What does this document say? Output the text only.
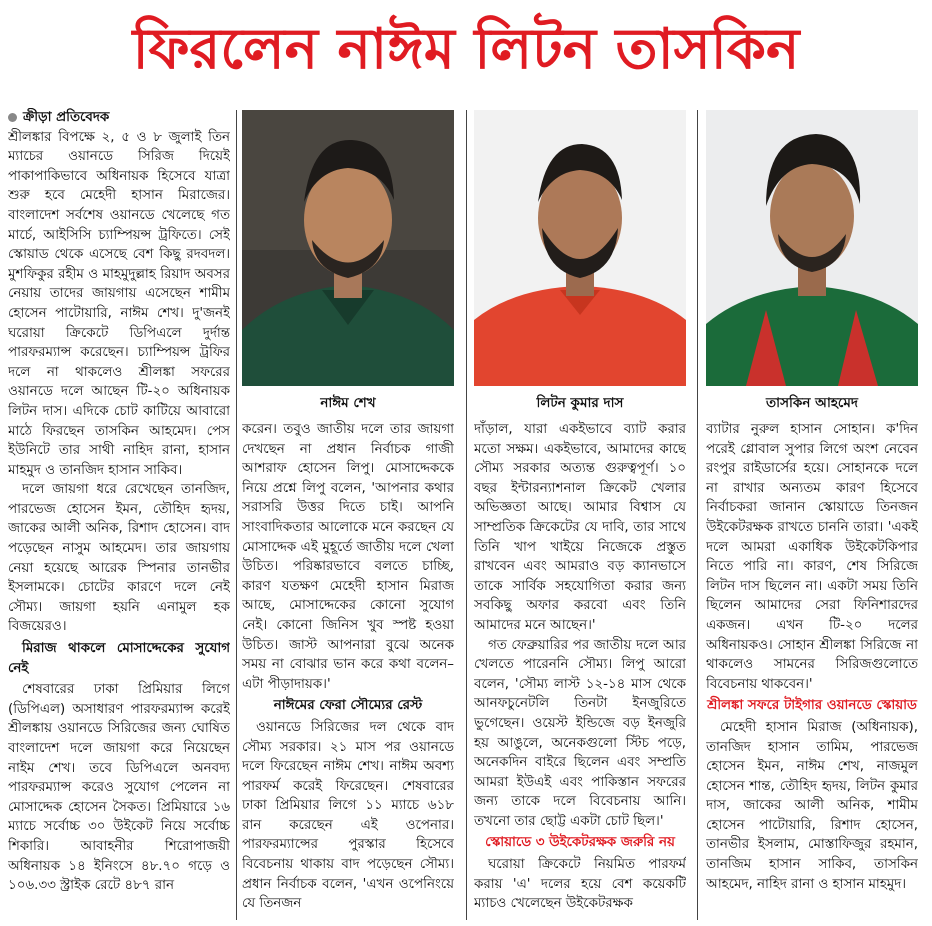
ফিরলেন নাঈম লিটন তাসকিন
ক্রীড়া প্রতিবেদক

শ্রীলঙ্কার বিপক্ষে ২, ৫ ও ৮ জুলাই তিন ম্যাচের ওয়ানডে সিরিজ দিয়েই পাকাপাকিভাবে অধিনায়ক হিসেবে যাত্রা শুরু হবে মেহেদী হাসান মিরাজের। বাংলাদেশ সর্বশেষ ওয়ানডে খেলেছে গত মার্চে, আইসিসি চ্যাম্পিয়ন্স ট্রফিতে। সেই স্কোয়াড থেকে এসেছে বেশ কিছু রদবদল। মুশফিকুর রহীম ও মাহমুদুল্লাহ রিয়াদ অবসর নেয়ায় তাদের জায়গায় এসেছেন শামীম হোসেন পাটোয়ারি, নাঈম শেখ। দু'জনই ঘরোয়া ক্রিকেটে ডিপিএলে দুর্দান্ত পারফরম্যান্স করেছেন। চ্যাম্পিয়ন্স ট্রফির দলে না থাকলেও শ্রীলঙ্কা সফরের ওয়ানডে দলে আছেন টি-২০ অধিনায়ক লিটন দাস। এদিকে চোট কাটিয়ে আবারো মাঠে ফিরছেন তাসকিন আহমেদ। পেস ইউনিটে তার সাথী নাহিদ রানা, হাসান মাহমুদ ও তানজিদ হাসান সাকিব।

দলে জায়গা ধরে রেখেছেন তানজিদ, পারভেজ হোসেন ইমন, তৌহিদ হৃদয়, জাকের আলী অনিক, রিশাদ হোসেন। বাদ পড়েছেন নাসুম আহমেদ। তার জায়গায় নেয়া হয়েছে আরেক স্পিনার তানভীর ইসলামকে। চোটের কারণে দলে নেই সৌম্য। জায়গা হয়নি এনামুল হক বিজয়েরও।

মিরাজ থাকলে মোসাদ্দেকের সুযোগ নেই

শেষবারের ঢাকা প্রিমিয়ার লিগে (ডিপিএল) অসাধারণ পারফরম্যান্স করেই শ্রীলঙ্কায় ওয়ানডে সিরিজের জন্য ঘোষিত বাংলাদেশ দলে জায়গা করে নিয়েছেন নাইম শেখ। তবে ডিপিএলে অনবদ্য পারফরম্যান্স করেও সুযোগ পেলেন না মোসাদ্দেক হোসেন সৈকত। প্রিমিয়ারে ১৬ ম্যাচে সর্বোচ্চ ৩০ উইকেট নিয়ে সর্বোচ্চ শিকারি। আবাহনীর শিরোপাজয়ী অধিনায়ক ১৪ ইনিংসে ৪৮.৭০ গড়ে ও ১০৬.৩৩ স্ট্রাইক রেটে ৪৮৭ রান

নাঈম শেখ	লিটন কুমার দাস	তাসকিন আহমেদ

করেন। তবুও জাতীয় দলে তার জায়গা দেখছেন না প্রধান নির্বাচক গাজী আশরাফ হোসেন লিপু। মোসাদ্দেককে নিয়ে প্রশ্নে লিপু বলেন, 'আপনার কথার সরাসরি উত্তর দিতে চাই। আপনি সাংবাদিকতার আলোকে মনে করছেন যে মোসাদ্দেক এই মুহূর্তে জাতীয় দলে খেলা উচিত। পরিষ্কারভাবে বলতে চাচ্ছি, কারণ যতক্ষণ মেহেদী হাসান মিরাজ আছে, মোসাদ্দেকের কোনো সুযোগ নেই। কোনো জিনিস খুব স্পষ্ট হওয়া উচিত। জাস্ট আপনারা বুঝে অনেক সময় না বোঝার ভান করে কথা বলেন– এটা পীড়াদায়ক।'

নাঈমের ফেরা সৌম্যের রেস্ট

ওয়ানডে সিরিজের দল থেকে বাদ সৌম্য সরকার। ২১ মাস পর ওয়ানডে দলে ফিরেছেন নাঈম শেখ। নাঈম অবশ্য পারফর্ম করেই ফিরেছেন। শেষবারের ঢাকা প্রিমিয়ার লিগে ১১ ম্যাচে ৬১৮ রান করেছেন এই ওপেনার। পারফরম্যান্সের পুরস্কার হিসেবে বিবেচনায় থাকায় বাদ পড়েছেন সৌম্য। প্রধান নির্বাচক বলেন, 'এখন ওপেনিংয়ে যে তিনজন

দাঁড়াল, যারা একইভাবে ব্যাট করার মতো সক্ষম। একইভাবে, আমাদের কাছে সৌম্য সরকার অত্যন্ত গুরুত্বপূর্ণ। ১০ বছর ইন্টারন্যাশনাল ক্রিকেট খেলার অভিজ্ঞতা আছে। আমার বিশ্বাস যে সাম্প্রতিক ক্রিকেটের যে দাবি, তার সাথে তিনি খাপ খাইয়ে নিজেকে প্রস্তুত রাখবেন এবং আমরাও বড় ক্যানভাসে তাকে সার্বিক সহযোগিতা করার জন্য সবকিছু অফার করবো এবং তিনি আমাদের মনে আছেন।'

গত ফেব্রুয়ারির পর জাতীয় দলে আর খেলতে পারেননি সৌম্য। লিপু আরো বলেন, 'সৌম্য লাস্ট ১২-১৪ মাস থেকে আনফচুনেটলি তিনটা ইনজুরিতে ভুগেছেন। ওয়েস্ট ইন্ডিজে বড় ইনজুরি হয় আঙুলে, অনেকগুলো স্টিচ পড়ে, অনেকদিন বাইরে ছিলেন এবং সম্প্রতি আমরা ইউএই এবং পাকিস্তান সফরের জন্য তাকে দলে বিবেচনায় আনি। তখনো তার ছোট্ট একটা চোট ছিল।'

স্কোয়াডে ৩ উইকেটরক্ষক জরুরি নয়

ঘরোয়া ক্রিকেটে নিয়মিত পারফর্ম করায় 'এ' দলের হয়ে বেশ কয়েকটি ম্যাচও খেলেছেন উইকেটরক্ষক

ব্যাটার নুরুল হাসান সোহান। ক'দিন পরেই গ্লোবাল সুপার লিগে অংশ নেবেন রংপুর রাইডার্সের হয়ে। সোহানকে দলে না রাখার অন্যতম কারণ হিসেবে নির্বাচকরা জানান স্কোয়াডে তিনজন উইকেটরক্ষক রাখতে চাননি তারা। 'একই দলে আমরা একাধিক উইকেটকিপার নিতে পারি না। কারণ, শেষ সিরিজে লিটন দাস ছিলেন না। একটা সময় তিনি ছিলেন আমাদের সেরা ফিনিশারদের একজন। এখন টি-২০ দলের অধিনায়কও। সোহান শ্রীলঙ্কা সিরিজে না থাকলেও সামনের সিরিজগুলোতে বিবেচনায় থাকবেন।'

শ্রীলঙ্কা সফরে টাইগার ওয়ানডে স্কোয়াড

মেহেদী হাসান মিরাজ (অধিনায়ক), তানজিদ হাসান তামিম, পারভেজ হোসেন ইমন, নাঈম শেখ, নাজমুল হোসেন শান্ত, তৌহিদ হৃদয়, লিটন কুমার দাস, জাকের আলী অনিক, শামীম হোসেন পাটোয়ারি, রিশাদ হোসেন, তানভীর ইসলাম, মোস্তাফিজুর রহমান, তানজিম হাসান সাকিব, তাসকিন আহমেদ, নাহিদ রানা ও হাসান মাহমুদ।
